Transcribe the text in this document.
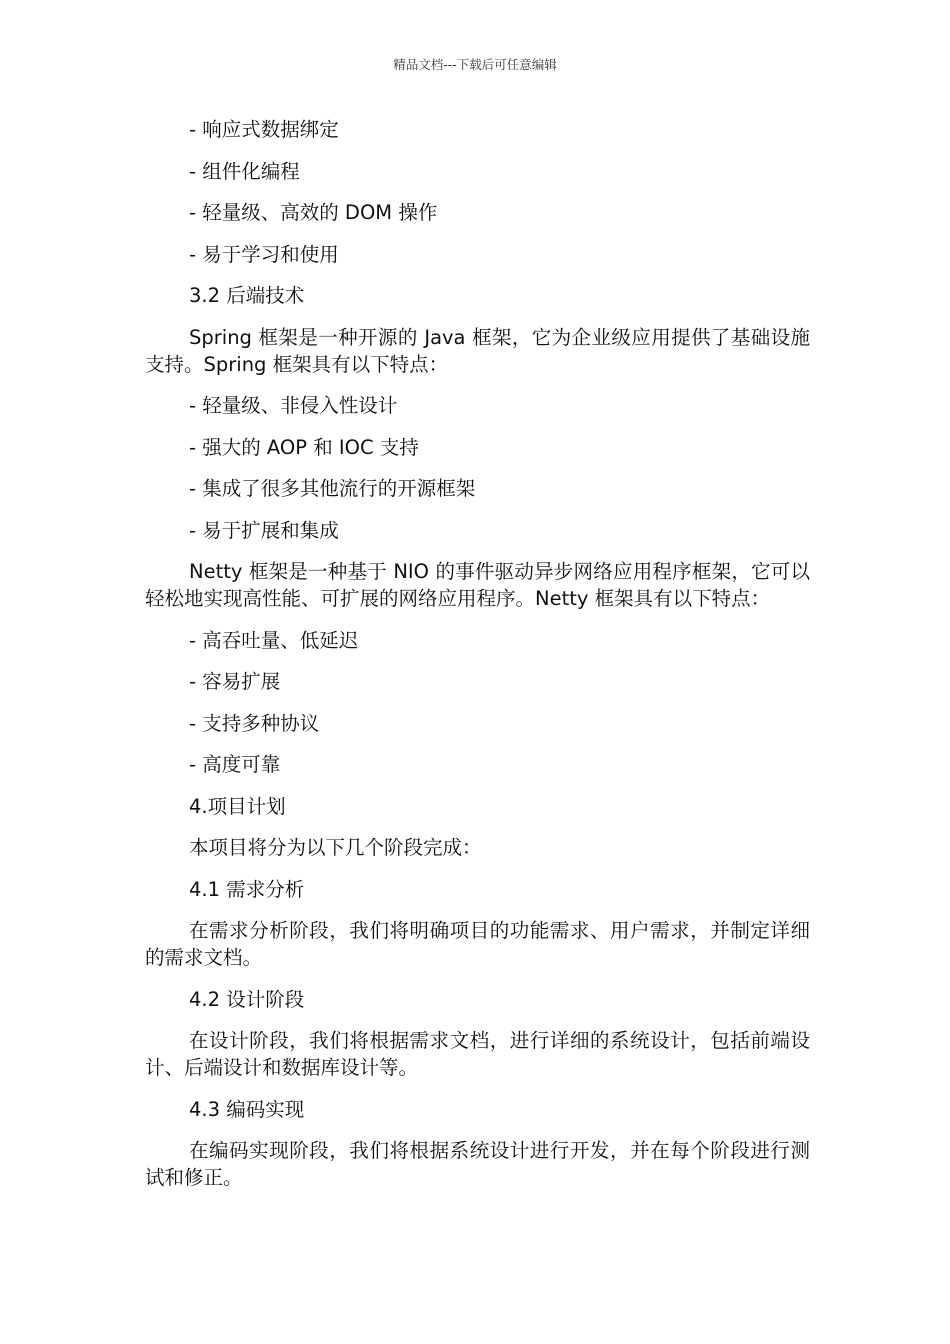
精品文档---下载后可任意编辑

- 响应式数据绑定

- 组件化编程

- 轻量级、高效的 DOM 操作

- 易于学习和使用

3.2 后端技术

Spring 框架是一种开源的 Java 框架，它为企业级应用提供了基础设施支持。Spring 框架具有以下特点：

- 轻量级、非侵入性设计

- 强大的 AOP 和 IOC 支持

- 集成了很多其他流行的开源框架

- 易于扩展和集成

Netty 框架是一种基于 NIO 的事件驱动异步网络应用程序框架，它可以轻松地实现高性能、可扩展的网络应用程序。Netty 框架具有以下特点：

- 高吞吐量、低延迟

- 容易扩展

- 支持多种协议

- 高度可靠

4.项目计划

本项目将分为以下几个阶段完成：

4.1 需求分析

在需求分析阶段，我们将明确项目的功能需求、用户需求，并制定详细的需求文档。

4.2 设计阶段

在设计阶段，我们将根据需求文档，进行详细的系统设计，包括前端设计、后端设计和数据库设计等。

4.3 编码实现

在编码实现阶段，我们将根据系统设计进行开发，并在每个阶段进行测试和修正。
